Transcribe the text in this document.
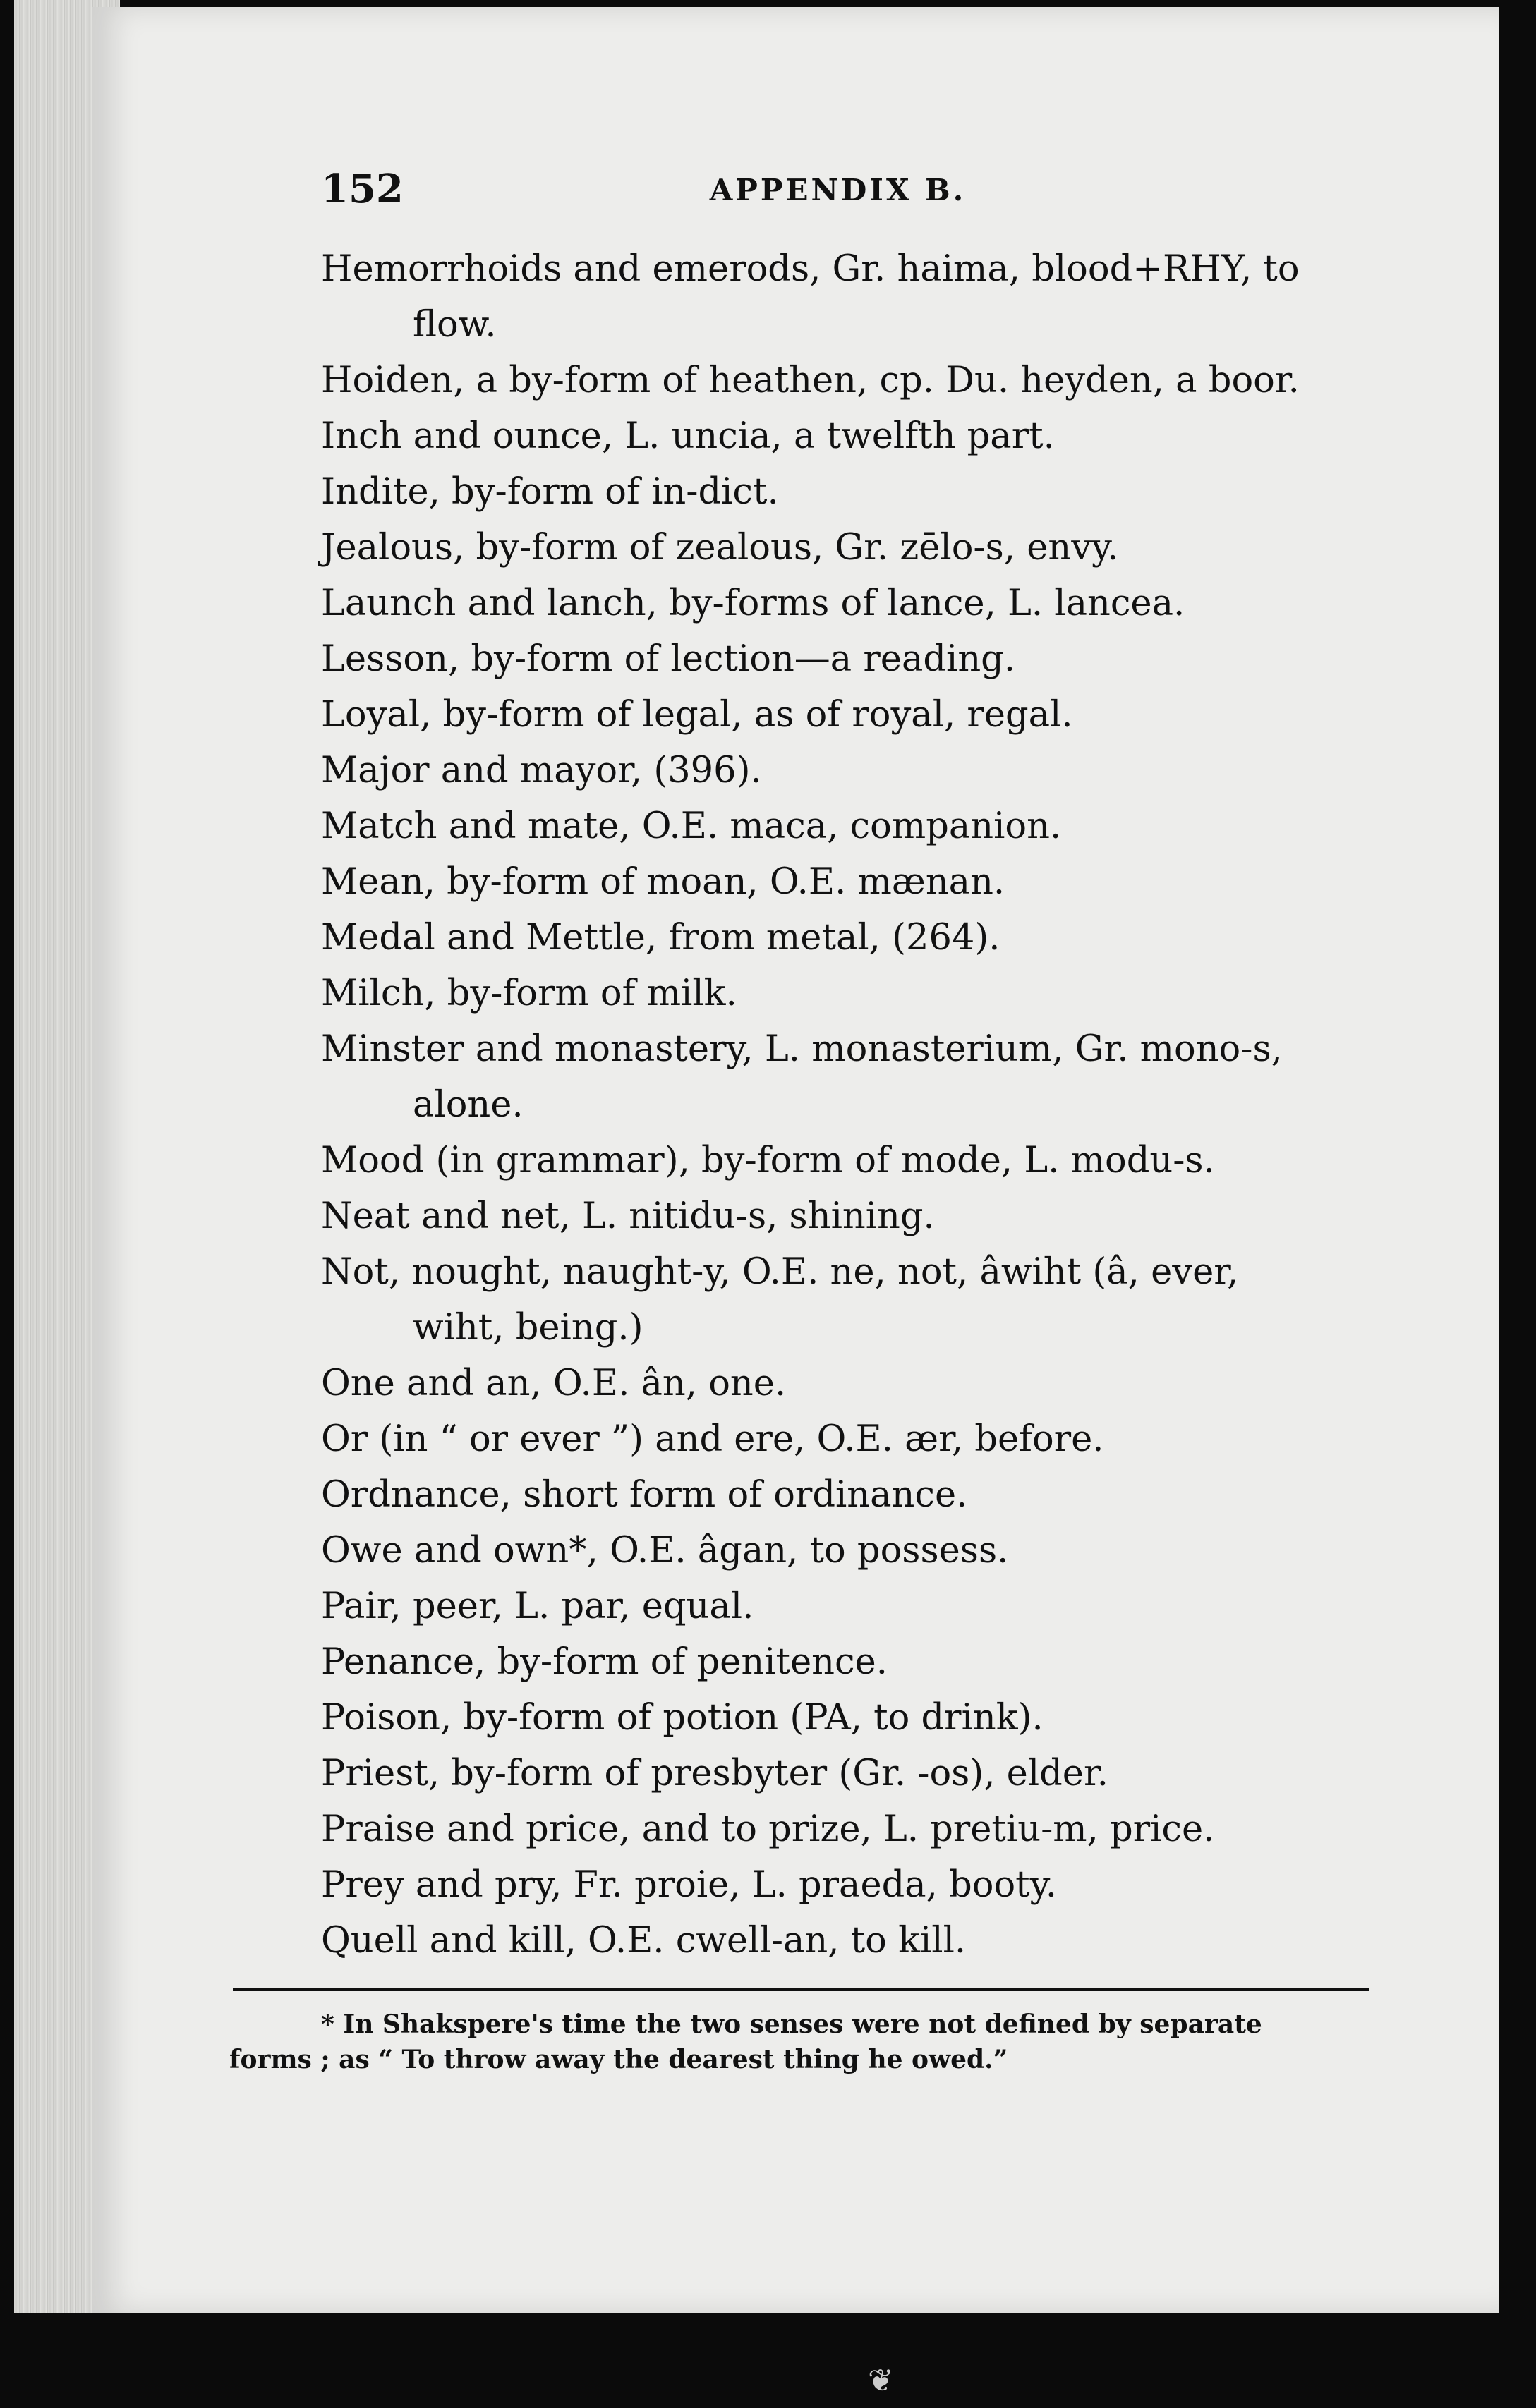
152	APPENDIX B.
Hemorrhoids and emerods, Gr. haima, blood+RHY, to
flow.
Hoiden, a by-form of heathen, cp. Du. heyden, a boor.
Inch and ounce, L. uncia, a twelfth part.
Indite, by-form of in-dict.
Jealous, by-form of zealous, Gr. zēlo-s, envy.
Launch and lanch, by-forms of lance, L. lancea.
Lesson, by-form of lection—a reading.
Loyal, by-form of legal, as of royal, regal.
Major and mayor, (396).
Match and mate, O.E. maca, companion.
Mean, by-form of moan, O.E. mænan.
Medal and Mettle, from metal, (264).
Milch, by-form of milk.
Minster and monastery, L. monasterium, Gr. mono-s,
alone.
Mood (in grammar), by-form of mode, L. modu-s.
Neat and net, L. nitidu-s, shining.
Not, nought, naught-y, O.E. ne, not, âwiht (â, ever,
wiht, being.)
One and an, O.E. ân, one.
Or (in “ or ever ”) and ere, O.E. ær, before.
Ordnance, short form of ordinance.
Owe and own*, O.E. âgan, to possess.
Pair, peer, L. par, equal.
Penance, by-form of penitence.
Poison, by-form of potion (PA, to drink).
Priest, by-form of presbyter (Gr. -os), elder.
Praise and price, and to prize, L. pretiu-m, price.
Prey and pry, Fr. proie, L. praeda, booty.
Quell and kill, O.E. cwell-an, to kill.
* In Shakspere's time the two senses were not defined by separate
forms ; as “ To throw away the dearest thing he owed.”
❦
